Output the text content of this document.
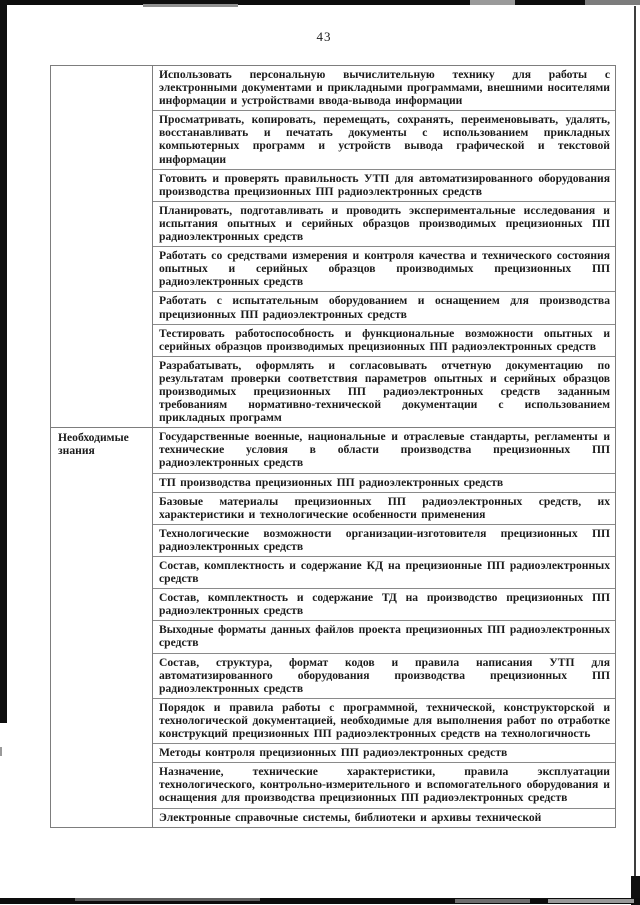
43
Использовать персональную вычислительную технику для работы с электронными документами и прикладными программами, внешними носителями информации и устройствами ввода-вывода информации
Просматривать, копировать, перемещать, сохранять, переименовывать, удалять, восстанавливать и печатать документы с использованием прикладных компьютерных программ и устройств вывода графической и текстовой информации
Готовить и проверять правильность УТП для автоматизированного оборудования производства прецизионных ПП радиоэлектронных средств
Планировать, подготавливать и проводить экспериментальные исследования и испытания опытных и серийных образцов производимых прецизионных ПП радиоэлектронных средств
Работать со средствами измерения и контроля качества и технического состояния опытных и серийных образцов производимых прецизионных ПП радиоэлектронных средств
Работать с испытательным оборудованием и оснащением для производства прецизионных ПП радиоэлектронных средств
Тестировать работоспособность и функциональные возможности опытных и серийных образцов производимых прецизионных ПП радиоэлектронных средств
Разрабатывать, оформлять и согласовывать отчетную документацию по результатам проверки соответствия параметров опытных и серийных образцов производимых прецизионных ПП радиоэлектронных средств заданным требованиям нормативно-технической документации с использованием прикладных программ
Необходимые знания
Государственные военные, национальные и отраслевые стандарты, регламенты и технические условия в области производства прецизионных ПП радиоэлектронных средств
ТП производства прецизионных ПП радиоэлектронных средств
Базовые материалы прецизионных ПП радиоэлектронных средств, их характеристики и технологические особенности применения
Технологические возможности организации-изготовителя прецизионных ПП радиоэлектронных средств
Состав, комплектность и содержание КД на прецизионные ПП радиоэлектронных средств
Состав, комплектность и содержание ТД на производство прецизионных ПП радиоэлектронных средств
Выходные форматы данных файлов проекта прецизионных ПП радиоэлектронных средств
Состав, структура, формат кодов и правила написания УТП для автоматизированного оборудования производства прецизионных ПП радиоэлектронных средств
Порядок и правила работы с программной, технической, конструкторской и технологической документацией, необходимые для выполнения работ по отработке конструкций прецизионных ПП радиоэлектронных средств на технологичность
Методы контроля прецизионных ПП радиоэлектронных средств
Назначение, технические характеристики, правила эксплуатации технологического, контрольно-измерительного и вспомогательного оборудования и оснащения для производства прецизионных ПП радиоэлектронных средств
Электронные справочные системы, библиотеки и архивы технической
